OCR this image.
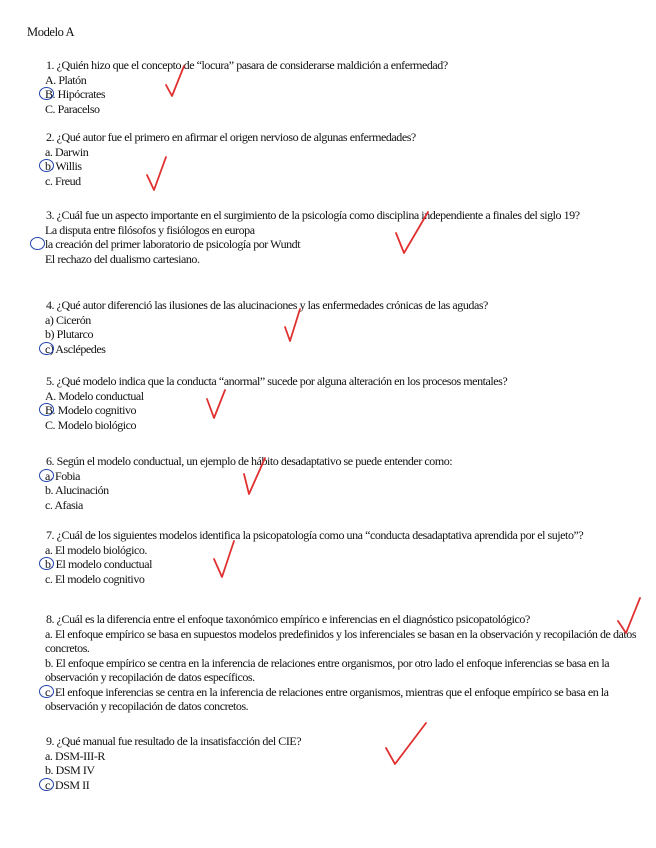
Modelo A
1. ¿Quién hizo que el concepto de “locura” pasara de considerarse maldición a enfermedad?
A. Platón
B. Hipócrates
C. Paracelso
2. ¿Qué autor fue el primero en afirmar el origen nervioso de algunas enfermedades?
a. Darwin
b. Willis
c. Freud
3. ¿Cuál fue un aspecto importante en el surgimiento de la psicología como disciplina independiente a finales del siglo 19?
La disputa entre filósofos y fisiólogos en europa
la creación del primer laboratorio de psicología por Wundt
El rechazo del dualismo cartesiano.
4. ¿Qué autor diferenció las ilusiones de las alucinaciones y las enfermedades crónicas de las agudas?
a) Cicerón
b) Plutarco
c) Asclépedes
5. ¿Qué modelo indica que la conducta “anormal” sucede por alguna alteración en los procesos mentales?
A. Modelo conductual
B. Modelo cognitivo
C. Modelo biológico
6. Según el modelo conductual, un ejemplo de hábito desadaptativo se puede entender como:
a. Fobia
b. Alucinación
c. Afasia
7. ¿Cuál de los siguientes modelos identifica la psicopatología como una “conducta desadaptativa aprendida por el sujeto”?
a. El modelo biológico.
b. El modelo conductual
c. El modelo cognitivo
8. ¿Cuál es la diferencia entre el enfoque taxonómico empírico e inferencias en el diagnóstico psicopatológico?
a. El enfoque empírico se basa en supuestos modelos predefinidos y los inferenciales se basan en la observación y recopilación de datos concretos.
b. El enfoque empírico se centra en la inferencia de relaciones entre organismos, por otro lado el enfoque inferencias se basa en la observación y recopilación de datos específicos.
c. El enfoque inferencias se centra en la inferencia de relaciones entre organismos, mientras que el enfoque empírico se basa en la observación y recopilación de datos concretos.
9. ¿Qué manual fue resultado de la insatisfacción del CIE?
a. DSM-III-R
b. DSM IV
c. DSM II
